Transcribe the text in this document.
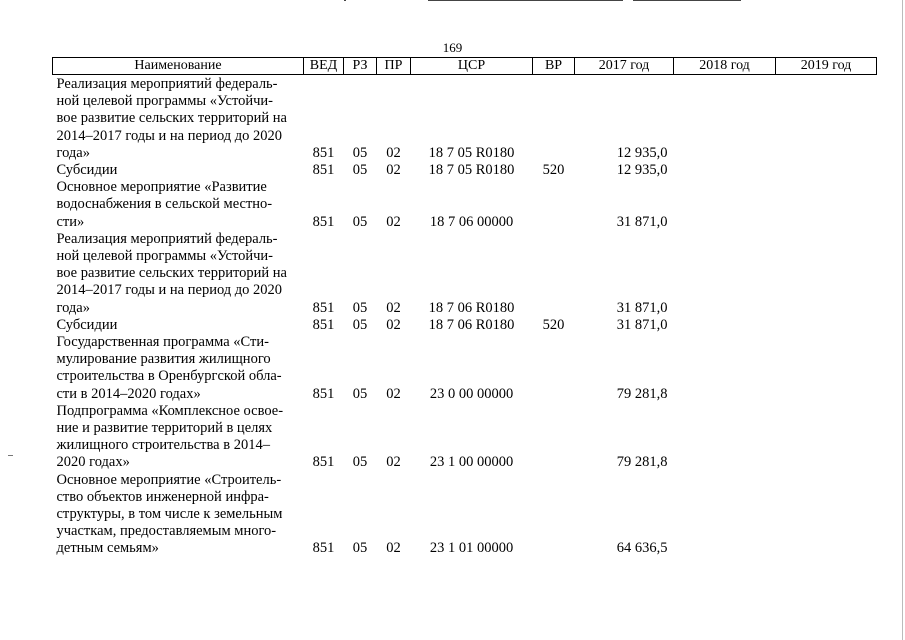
169
Наименование	ВЕД	РЗ	ПР	ЦСР	ВР	2017 год	2018 год	2019 год
Реализация мероприятий федераль-
ной целевой программы «Устойчи-
вое развитие сельских территорий на
2014–2017 годы и на период до 2020
года»	851	05	02	18 7 05 R0180		12 935,0		
Субсидии	851	05	02	18 7 05 R0180	520	12 935,0		
Основное мероприятие «Развитие
водоснабжения в сельской местно-
сти»	851	05	02	18 7 06 00000		31 871,0		
Реализация мероприятий федераль-
ной целевой программы «Устойчи-
вое развитие сельских территорий на
2014–2017 годы и на период до 2020
года»	851	05	02	18 7 06 R0180		31 871,0		
Субсидии	851	05	02	18 7 06 R0180	520	31 871,0		
Государственная программа «Сти-
мулирование развития жилищного
строительства в Оренбургской обла-
сти в 2014–2020 годах»	851	05	02	23 0 00 00000		79 281,8		
Подпрограмма «Комплексное освое-
ние и развитие территорий в целях
жилищного строительства в 2014–
2020 годах»	851	05	02	23 1 00 00000		79 281,8		
Основное мероприятие «Строитель-
ство объектов инженерной инфра-
структуры, в том числе к земельным
участкам, предоставляемым много-
детным семьям»	851	05	02	23 1 01 00000		64 636,5		
